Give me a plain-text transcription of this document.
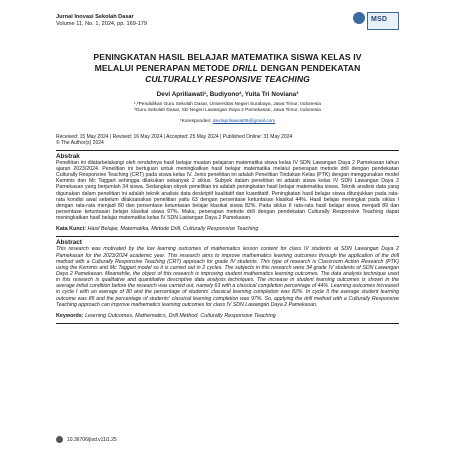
Jurnal Inovasi Sekolah Dasar
Volume 11, No. 1, 2024, pp. 169-179
MSD
PENINGKATAN HASIL BELAJAR MATEMATIKA SISWA KELAS IV
MELALUI PENERAPAN METODE DRILL DENGAN PENDEKATAN
CULTURALLY RESPONSIVE TEACHING
Devi Apriliawati¹, Budiyono², Yuita Tri Noviana³
¹,²Pendidikan Guru Sekolah Dasar, Universitas Negeri Surabaya, Jawa Timur, Indonesia
³Guru Sekolah Dasar, SD Negeri Lawangan Daya 2 Pamekasan, Jawa Timur, Indonesia
*Koresponden: devIapriliawati06@gmail.com
Received: 15 May 2024 | Revised: 16 May 2024 | Accepted: 25 May 2024 | Published Online: 31 May 2024
© The Author(s) 2024
Abstrak
Penelitian ini dilatarbelakangi oleh rendahnya hasil belajar muatan pelajaran matematika siswa kelas IV SDN Lawangan Daya 2 Pamekasan tahun ajaran 2023/2024. Penelitian ini bertujuan untuk meningkatkan hasil belajar matematika melalui penerapan metode drill dengan pendekatan Culturally Responsive Teaching (CRT) pada siswa kelas IV. Jenis penelitian ini adalah Penelitian Tindakan Kelas (PTK) dengan menggunakan model Kemmis dan Mc Taggart sehingga dilakukan sebanyak 2 siklus. Subyek dalam penelitian ini adalah siswa kelas IV SDN Lawangan Daya 2 Pamekasan yang berjumlah 34 siswa. Sedangkan obyek penelitian ini adalah peningkatan hasil belajar matematika siswa. Teknik analisis data yang digunakan dalam penelitian ini adalah teknik analisis data deskriptif kualitatif dan kuantitatif. Peningkatan hasil belajar siswa ditunjukkan pada rata-rata kondisi awal sebelum dilaksanakan penelitian yaitu 63 dengan persentase ketuntasan klasikal 44%. Hasil belajar meningkat pada siklus I dengan rata-rata menjadi 80 dan persentase ketuntasan belajar klasikal siswa 82%. Pada siklus II rata-rata hasil belajar siswa menjadi 89 dan persentase ketuntasan belajar klasikal siswa 97%. Maka, penerapan metode drill dengan pendekatan Culturally Responsive Teaching dapat meningkatkan hasil belajar matematika kelas IV SDN Lawangan Daya 2 Pamekasan.
Kata Kunci: Hasil Belajar, Matematika, Metode Drill, Culturally Responsive Teaching
Abstract
This research was motivated by the low learning outcomes of mathematics lesson content for class IV students at SDN Lawangan Daya 2 Pamekasan for the 2023/2024 academic year. This research aims to improve mathematics learning outcomes through the application of the drill method with a Culturally Responsive Teaching (CRT) approach for grade IV students. This type of research is Classroom Action Research (PTK) using the Kemmis and Mc Taggart model so it is carried out in 2 cycles. The subjects in this research were 34 grade IV students of SDN Lawangan Daya 2 Pamekasan. Meanwhile, the object of this research is improving student mathematics learning outcomes. The data analysis technique used in this research is qualitative and quantitative descriptive data analysis techniques. The increase in student learning outcomes is shown in the average initial condition before the research was carried out, namely 63 with a classical completion percentage of 44%. Learning outcomes increased in cycle I with an average of 80 and the percentage of students' classical learning completion was 82%. In cycle II the average student learning outcome was 89 and the percentage of students' classical learning completion was 97%. So, applying the drill method with a Culturally Responsive Teaching approach can improve mathematics learning outcomes for class IV SDN Lawangan Daya 2 Pamekasan.
Keywords: Learning Outcomes, Mathematics, Drill Method, Culturally Responsive Teaching
10.36706/jisd.v11i1.25
